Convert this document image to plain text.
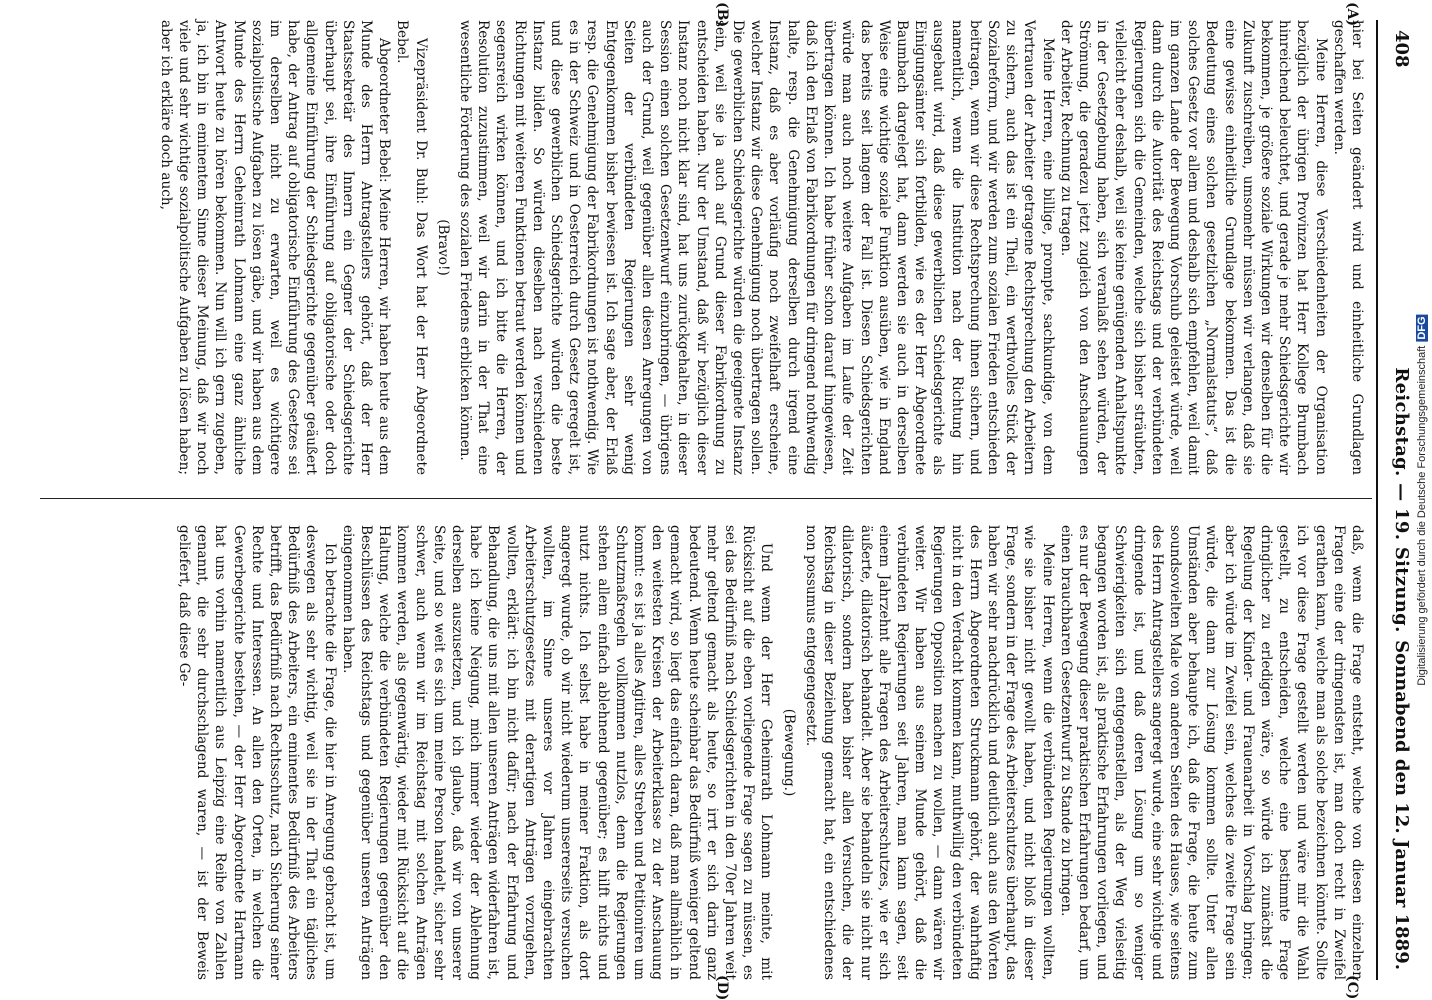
408
Reichstag. — 19. Sitzung.
Sonnabend den 12. Januar 1889.
(A)
(B)
(C)
(D)

hier bei Seiten geändert wird und einheitliche Grundlagen geschaffen werden.

Meine Herren, diese Verschiedenheiten der Organisation bezüglich der übrigen Provinzen hat Herr Kollege Brumbach hinreichend beleuchtet, und gerade je mehr Schiedsgerichte wir bekommen, je größere soziale Wirkungen wir denselben für die Zukunft zuschreiben, umsomehr müssen wir verlangen, daß sie eine gewisse einheitliche Grundlage bekommen. Das ist die Bedeutung eines solchen gesetzlichen „Normalstatuts“, daß solches Gesetz vor allem und deshalb sich empfehlen, weil damit im ganzen Lande der Bewegung Vorschub geleistet würde, weil dann durch die Autorität des Reichstags und der verbündeten Regierungen sich die Gemeinden, welche sich bisher sträubten, vielleicht eher deshalb, weil sie keine genügenden Anhaltspunkte in der Gesetzgebung haben, sich veranlaßt sehen würden, der Strömung, die geradezu jetzt zugleich von den Anschauungen der Arbeiter, Rechnung zu tragen.

Meine Herren, eine billige, prompte, sachkundige, von dem Vertrauen der Arbeiter getragene Rechtsprechung den Arbeitern zu sichern, auch das ist ein Theil, ein werthvolles Stück der Sozialreform, und wir werden zum sozialen Frieden entschieden beitragen, wenn wir diese Rechtsprechung ihnen sichern, und namentlich, wenn die Institution nach der Richtung hin ausgebaut wird, daß diese gewerblichen Schiedsgerichte als Einigungsämter sich fortbilden, wie es der Herr Abgeordnete Baumbach dargelegt hat, dann werden sie auch in derselben Weise eine wichtige soziale Funktion ausüben, wie in England das bereits seit langem der Fall ist. Diesen Schiedsgerichten würde man auch noch weitere Aufgaben im Laufe der Zeit übertragen können. Ich habe früher schon darauf hingewiesen, daß ich den Erlaß von Fabrikordnungen für dringend nothwendig halte, resp. die Genehmigung derselben durch irgend eine Instanz, daß es aber vorläufig noch zweifelhaft erscheine, welcher Instanz wir diese Genehmigung noch übertragen sollen. Die gewerblichen Schiedsgerichte würden die geeignete Instanz sein, weil sie ja auch auf Grund dieser Fabrikordnung zu entscheiden haben. Nur der Umstand, daß wir bezüglich dieser Instanz noch nicht klar sind, hat uns zurückgehalten, in dieser Session einen solchen Gesetzentwurf einzubringen, — übrigens auch der Grund, weil gegenüber allen diesen Anregungen von Seiten der verbündeten Regierungen sehr wenig Entgegenkommen bisher bewiesen ist. Ich sage aber, der Erlaß resp. die Genehmigung der Fabrikordnungen ist nothwendig. Wie es in der Schweiz und in Oesterreich durch Gesetz geregelt ist, und diese gewerblichen Schiedsgerichte würden die beste Instanz bilden. So würden dieselben nach verschiedenen Richtungen mit weiteren Funktionen betraut werden können und segensreich wirken können, und ich bitte die Herren, der Resolution zuzustimmen, weil wir darin in der That eine wesentliche Förderung des sozialen Friedens erblicken können.

(Bravo!)

Vizepräsident Dr. Buhl: Das Wort hat der Herr Abgeordnete Bebel.

Abgeordneter Bebel: Meine Herren, wir haben heute aus dem Munde des Herrn Antragstellers gehört, daß der Herr Staatssekretär des Innern ein Gegner der Schiedsgerichte überhaupt sei, ihre Einführung auf obligatorische oder doch allgemeine Einführung der Schiedsgerichte gegenüber geäußert habe, der Antrag auf obligatorische Einführung des Gesetzes sei im derselben nicht zu erwarten, weil es wichtigere sozialpolitische Aufgaben zu lösen gäbe, und wir haben aus dem Munde des Herrn Geheimrath Lohmann eine ganz ähnliche Antwort heute zu hören bekommen. Nun will ich gern zugeben, ja, ich bin in eminentem Sinne dieser Meinung, daß wir noch viele und sehr wichtige sozialpolitische Aufgaben zu lösen haben; aber ich erkläre doch auch,

daß, wenn die Frage entsteht, welche von diesen einzelnen Fragen eine der dringendsten ist, man doch recht in Zweifel gerathen kann, welche man als solche bezeichnen könnte. Sollte ich vor diese Frage gestellt werden und wäre mir die Wahl gestellt, zu entscheiden, welche eine bestimmte Frage dringlicher zu erledigen wäre, so würde ich zunächst die Regelung der Kinder- und Frauenarbeit in Vorschlag bringen; aber ich würde im Zweifel sein, welches die zweite Frage sein würde, die dann zur Lösung kommen sollte. Unter allen Umständen aber behaupte ich, daß die Frage, die heute zum soundsovielten Male von anderen Seiten des Hauses, wie seitens des Herrn Antragstellers angeregt wurde, eine sehr wichtige und dringende ist, und daß deren Lösung um so weniger Schwierigkeiten sich entgegenstellen, als der Weg vielseitig begangen worden ist, als praktische Erfahrungen vorliegen, und es nur der Bewegung dieser praktischen Erfahrungen bedarf, um einen brauchbaren Gesetzentwurf zu Stande zu bringen.

Meine Herren, wenn die verbündeten Regierungen wollten, wie sie bisher nicht gewollt haben, und nicht bloß in dieser Frage, sondern in der Frage des Arbeiterschutzes überhaupt, das haben wir sehr nachdrücklich und deutlich auch aus den Worten des Herrn Abgeordneten Struckmann gehört, der wahrhaftig nicht in den Verdacht kommen kann, muthwillig den verbündeten Regierungen Opposition machen zu wollen, — dann wären wir weiter. Wir haben aus seinem Munde gehört, daß die verbündeten Regierungen seit Jahren, man kann sagen, seit einem Jahrzehnt alle Fragen des Arbeiterschutzes, wie er sich äußerte, dilatorisch behandelt. Aber sie behandeln sie nicht nur dilatorisch, sondern haben bisher allen Versuchen, die der Reichstag in dieser Beziehung gemacht hat, ein entschiedenes non possumus entgegengesetzt.

(Bewegung.)

Und wenn der Herr Geheimrath Lohmann meinte, mit Rücksicht auf die eben vorliegende Frage sagen zu müssen, es sei das Bedürfniß nach Schiedsgerichten in den 70er Jahren weit mehr geltend gemacht als heute, so irrt er sich darin ganz bedeutend. Wenn heute scheinbar das Bedürfniß weniger geltend gemacht wird, so liegt das einfach daran, daß man allmählich in den weitesten Kreisen der Arbeiterklasse zu der Anschauung kommt: es ist ja alles Agitiren, alles Streben und Petitioniren um Schutzmaßregeln vollkommen nutzlos, denn die Regierungen stehen allem einfach ablehnend gegenüber; es hilft nichts und nutzt nichts. Ich selbst habe in meiner Fraktion, als dort angeregt wurde, ob wir nicht wiederum unsererseits versuchen wollten, im Sinne unseres vor Jahren eingebrachten Arbeiterschutzgesetzes mit derartigen Anträgen vorzugehen, wollten, erklärt: ich bin nicht dafür; nach der Erfahrung und Behandlung, die uns mit allen unseren Anträgen widerfahren ist, habe ich keine Neigung, mich immer wieder der Ablehnung derselben auszusetzen, und ich glaube, daß wir von unserer Seite, und so weit es sich um meine Person handelt, sicher sehr schwer, auch wenn wir im Reichstag mit solchen Anträgen kommen werden, als gegenwärtig, wieder mit Rücksicht auf die Haltung, welche die verbündeten Regierungen gegenüber den Beschlüssen des Reichstags und gegenüber unseren Anträgen eingenommen haben.

Ich betrachte die Frage, die hier in Anregung gebracht ist, um deswegen als sehr wichtig, weil sie in der That ein tägliches Bedürfniß des Arbeiters, ein eminentes Bedürfniß des Arbeiters betrifft, das Bedürfniß nach Rechtsschutz, nach Sicherung seiner Rechte und Interessen. An allen den Orten, in welchen die Gewerbegerichte bestehen, — der Herr Abgeordnete Hartmann hat uns vorhin namentlich aus Leipzig eine Reihe von Zahlen genannt, die sehr durchschlagend waren, — ist der Beweis geliefert, daß diese Ge-	Digitalisierung gefördert durch die Deutsche ForschungsgemeinschaftDFG
